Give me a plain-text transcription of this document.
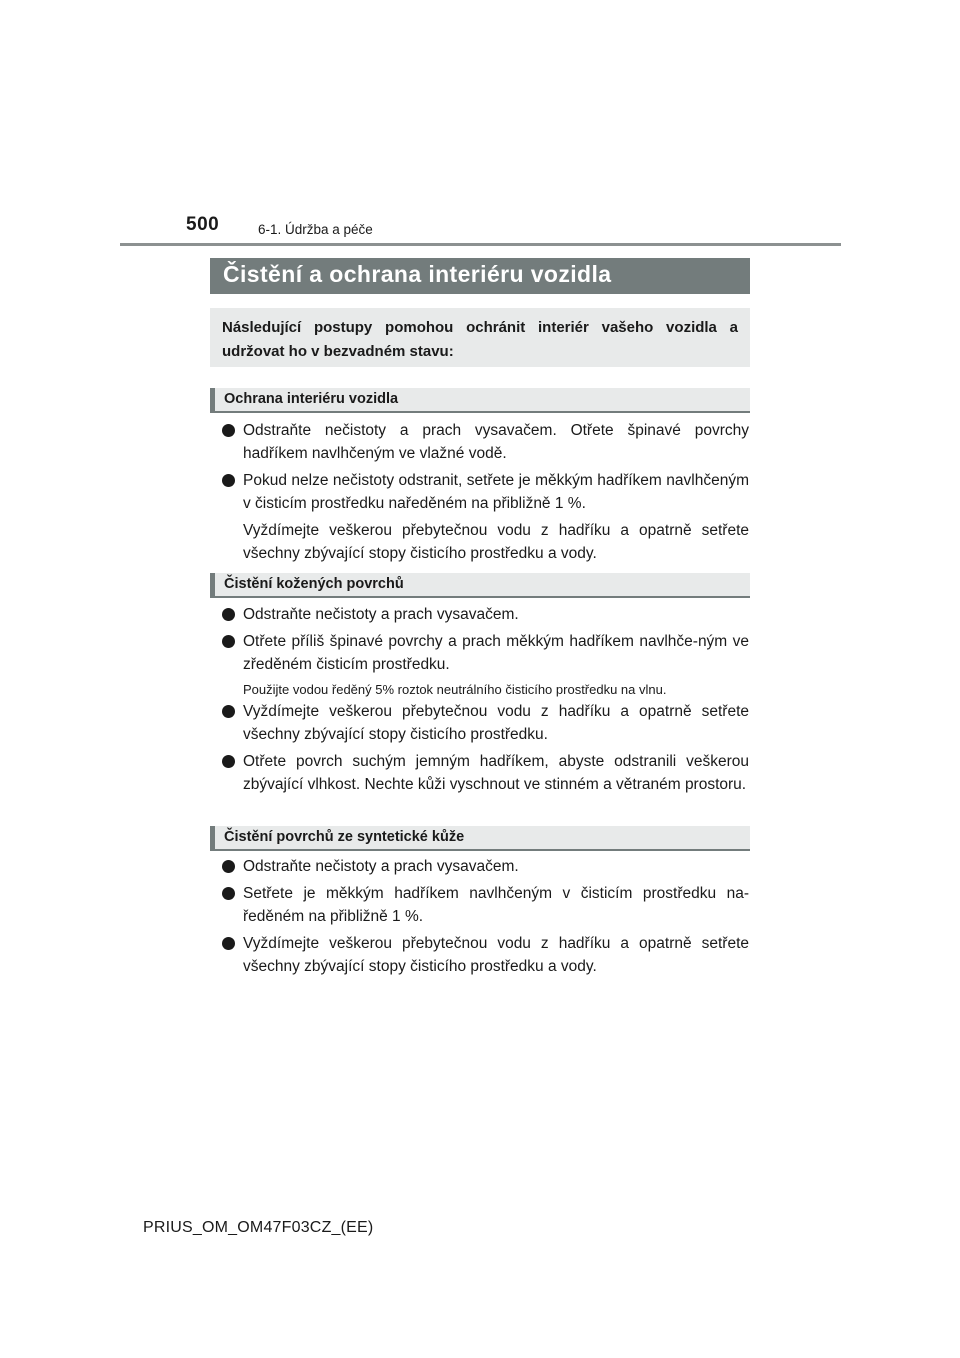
500	6-1. Údržba a péče
Čistění a ochrana interiéru vozidla
Následující postupy pomohou ochránit interiér vašeho vozidla a udržovat ho v bezvadném stavu:
Ochrana interiéru vozidla
Odstraňte nečistoty a prach vysavačem. Otřete špinavé povrchy hadříkem navlhčeným ve vlažné vodě.
Pokud nelze nečistoty odstranit, setřete je měkkým hadříkem navlhčeným v čisticím prostředku naředěném na přibližně 1 %.
Vyždímejte veškerou přebytečnou vodu z hadříku a opatrně setřete všechny zbývající stopy čisticího prostředku a vody.
Čistění kožených povrchů
Odstraňte nečistoty a prach vysavačem.
Otřete příliš špinavé povrchy a prach měkkým hadříkem navlhče-ným ve zředěném čisticím prostředku.
Použijte vodou ředěný 5% roztok neutrálního čisticího prostředku na vlnu.
Vyždímejte veškerou přebytečnou vodu z hadříku a opatrně setřete všechny zbývající stopy čisticího prostředku.
Otřete povrch suchým jemným hadříkem, abyste odstranili veškerou zbývající vlhkost. Nechte kůži vyschnout ve stinném a větraném prostoru.
Čistění povrchů ze syntetické kůže
Odstraňte nečistoty a prach vysavačem.
Setřete je měkkým hadříkem navlhčeným v čisticím prostředku na-ředěném na přibližně 1 %.
Vyždímejte veškerou přebytečnou vodu z hadříku a opatrně setřete všechny zbývající stopy čisticího prostředku a vody.
PRIUS_OM_OM47F03CZ_(EE)
